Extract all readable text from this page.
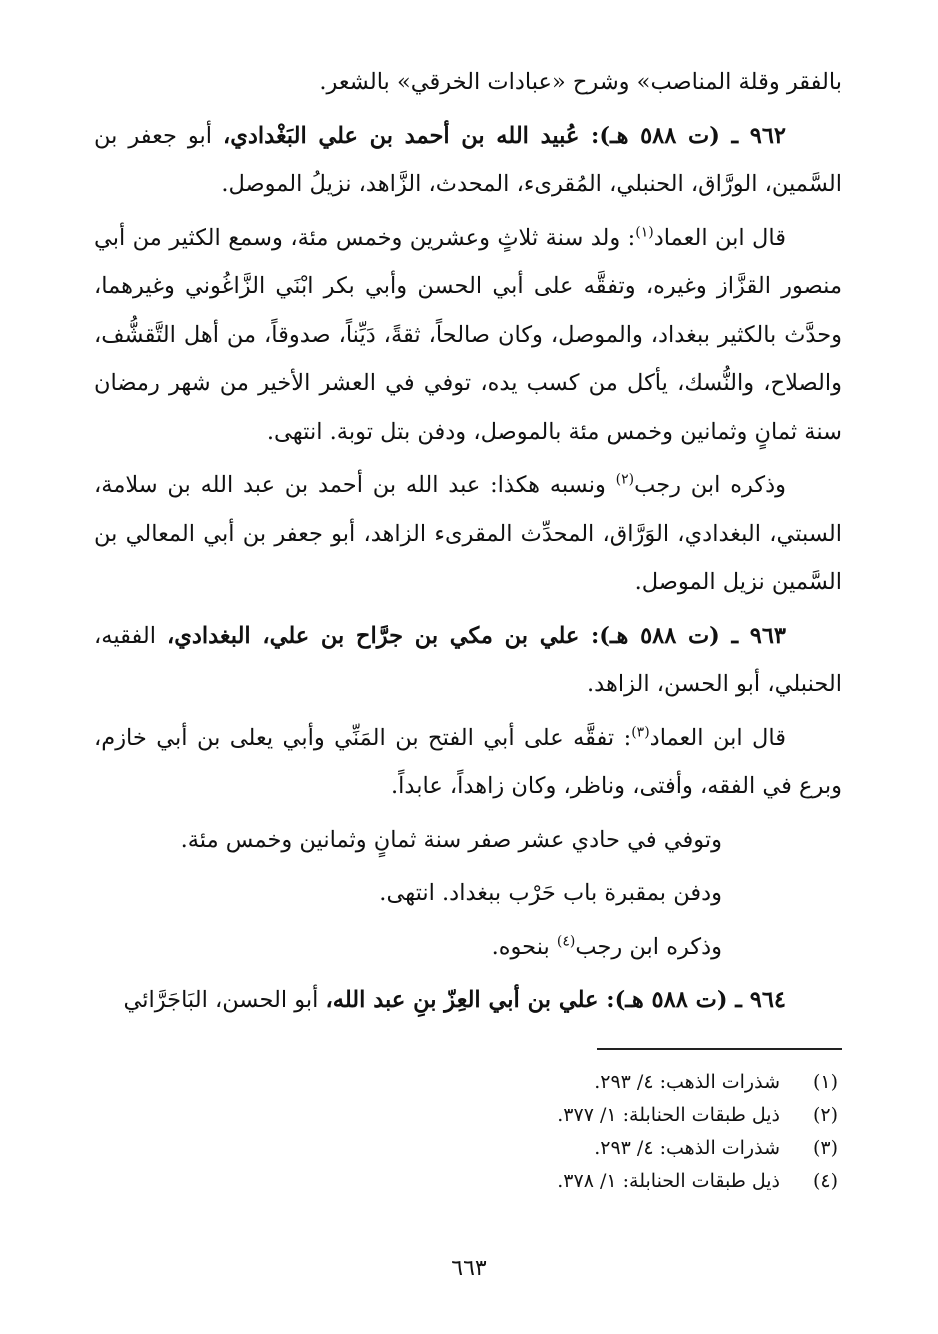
بالفقر وقلة المناصب» وشرح «عبادات الخرقي» بالشعر.

٩٦٢ ـ (ت ٥٨٨ هـ): عُبيد الله بن أحمد بن علي البَغْدادي، أبو جعفر بن السَّمين، الورَّاق، الحنبلي، المُقرىء، المحدث، الزَّاهد، نزيلُ الموصل.

قال ابن العماد$^{(١)}$: ولد سنة ثلاثٍ وعشرين وخمس مئة، وسمع الكثير من أبي منصور القزَّاز وغيره، وتفقَّه على أبي الحسن وأبي بكر ابْنَي الزَّاغُوني وغيرهما، وحدَّث بالكثير ببغداد، والموصل، وكان صالحاً، ثقةً، دَيِّناً، صدوقاً، من أهل التَّقشُّف، والصلاح، والنُّسك، يأكل من كسب يده، توفي في العشر الأخير من شهر رمضان سنة ثمانٍ وثمانين وخمس مئة بالموصل، ودفن بتل توبة. انتهى.

وذكره ابن رجب$^{(٢)}$ ونسبه هكذا: عبد الله بن أحمد بن عبد الله بن سلامة، السبتي، البغدادي، الوَرَّاق، المحدِّث المقرىء الزاهد، أبو جعفر بن أبي المعالي بن السَّمين نزيل الموصل.

٩٦٣ ـ (ت ٥٨٨ هـ): علي بن مكي بن جرَّاح بن علي، البغدادي، الفقيه، الحنبلي، أبو الحسن، الزاهد.

قال ابن العماد$^{(٣)}$: تفقَّه على أبي الفتح بن المَنِّي وأبي يعلى بن أبي خازم، وبرع في الفقه، وأفتى، وناظر، وكان زاهداً، عابداً.

وتوفي في حادي عشر صفر سنة ثمانٍ وثمانين وخمس مئة.

ودفن بمقبرة باب حَرْب ببغداد. انتهى.

وذكره ابن رجب$^{(٤)}$ بنحوه.

٩٦٤ ـ (ت ٥٨٨ هـ): علي بن أبي العِزّ بنِ عبد الله، أبو الحسن، البَاجَرَّائي

(١)شذرات الذهب: ٤/ ٢٩٣.
(٢)ذيل طبقات الحنابلة: ١/ ٣٧٧.
(٣)شذرات الذهب: ٤/ ٢٩٣.
(٤)ذيل طبقات الحنابلة: ١/ ٣٧٨.
٦٦٣
